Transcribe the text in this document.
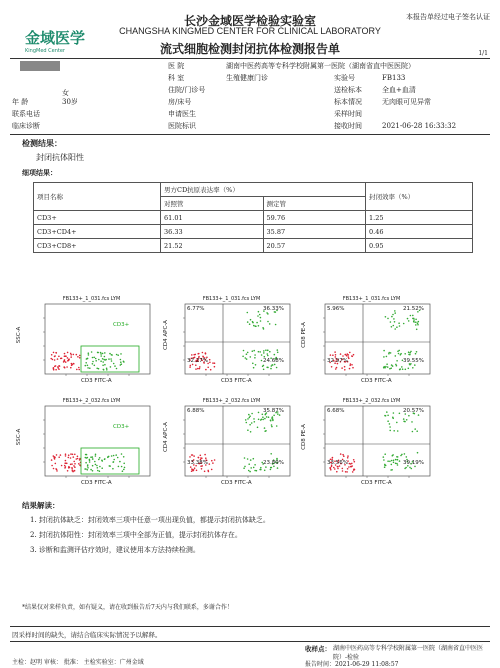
金域医学
KingMed Center
长沙金域医学检验实验室
CHANGSHA KINGMED CENTER FOR CLINICAL LABORATORY
流式细胞检测封闭抗体检测报告单
本报告单经过电子签名认证
1/1
女
年 龄	30岁
联系电话
临床诊断
医 院	湖南中医药高等专科学校附属第一医院（湖南省直中医医院）
科 室	生殖健康门诊
住院/门诊号
房/床号
申请医生
医院标识
实验号	FB133
送检标本	全血+血清
标本情况	无肉眼可见异常
采样时间
接收时间	2021-06-28 16:33:32
检测结果：
封闭抗体阳性
细项结果：
项目名称	男方CD抗原表达率（%）		封闭效率（%）
	对照管	测定管	
CD3+	61.01	59.76	1.25
CD3+CD4+	36.33	35.87	0.46
CD3+CD8+	21.52	20.57	0.95
FB133+_1_031.fcs LYM
SSC-A
CD3 FITC-A
CD3+
FB133+_1_031.fcs LYM
CD4 APC-A
CD3 FITC-A
6.77%	36.33%
32.27%	24.68%
FB133+_1_031.fcs LYM
CD8 PE-A
CD3 FITC-A
5.96%	21.52%
32.97%	39.55%
FB133+_2_032.fcs LYM
SSC-A
CD3 FITC-A
CD3+
FB133+_2_032.fcs LYM
CD4 APC-A
CD3 FITC-A
6.88%	35.87%
33.38%	23.89%
FB133+_2_032.fcs LYM
CD8 PE-A
CD3 FITC-A
6.68%	20.57%
33.56%	39.19%
结果解读：
1. 封闭抗体缺乏：封闭效率三项中任意一项出现负值，都提示封闭抗体缺乏。
2. 封闭抗体阳性：封闭效率三项中全部为正值，提示封闭抗体存在。
3. 诊断和监测评估疗效时，建议使用本方法持续检测。
*结果仅对来样负责，如有疑义，请在收到报告后7天内与我们联系，多谢合作！
因采样时间的缺失，请结合临床实际情况予以解释。
收样点： 湖南中医药高等专科学校附属第一医院（湖南省直中医医院）-检验
主检：赵明 审核： 批准： 主检实验室：广州金域	报告时间：2021-06-29 11:08:57
